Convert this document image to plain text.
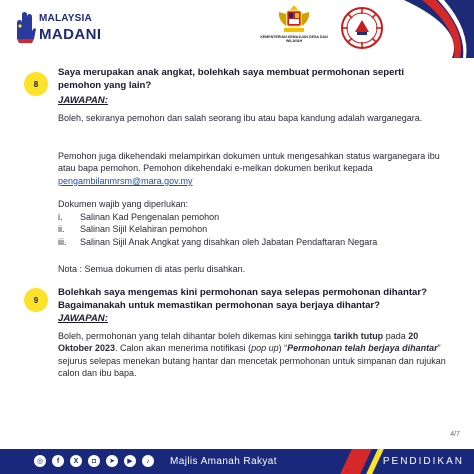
MALAYSIA
MADANI	KEMENTERIAN KEMAJUAN DESA DAN WILAYAH
8
Saya merupakan anak angkat, bolehkah saya membuat permohonan seperti pemohon yang lain?
JAWAPAN:
Boleh, sekiranya pemohon dan salah seorang ibu atau bapa kandung adalah warganegara.
Pemohon juga dikehendaki melampirkan dokumen untuk mengesahkan status warganegara ibu atau bapa pemohon. Pemohon dikehendaki e-melkan dokumen berikut kepada pengambilanmrsm@mara.gov.my
Dokumen wajib yang diperlukan:
i. Salinan Kad Pengenalan pemohon
ii. Salinan Sijil Kelahiran pemohon
iii. Salinan Sijil Anak Angkat yang disahkan oleh Jabatan Pendaftaran Negara
Nota : Semua dokumen di atas perlu disahkan.
9
Bolehkah saya mengemas kini permohonan saya selepas permohonan dihantar? Bagaimanakah untuk memastikan permohonan saya berjaya dihantar?
JAWAPAN:
Boleh, permohonan yang telah dihantar boleh dikemas kini sehingga tarikh tutup pada 20 Oktober 2023. Calon akan menerima notifikasi (pop up) “Permohonan telah berjaya dihantar” sejurus selepas menekan butang hantar dan mencetak permohonan untuk simpanan dan rujukan calon dan ibu bapa.
4/7
◎	f	X	◘	➤	▶	♪	Majlis Amanah Rakyat	PENDIDIKAN
